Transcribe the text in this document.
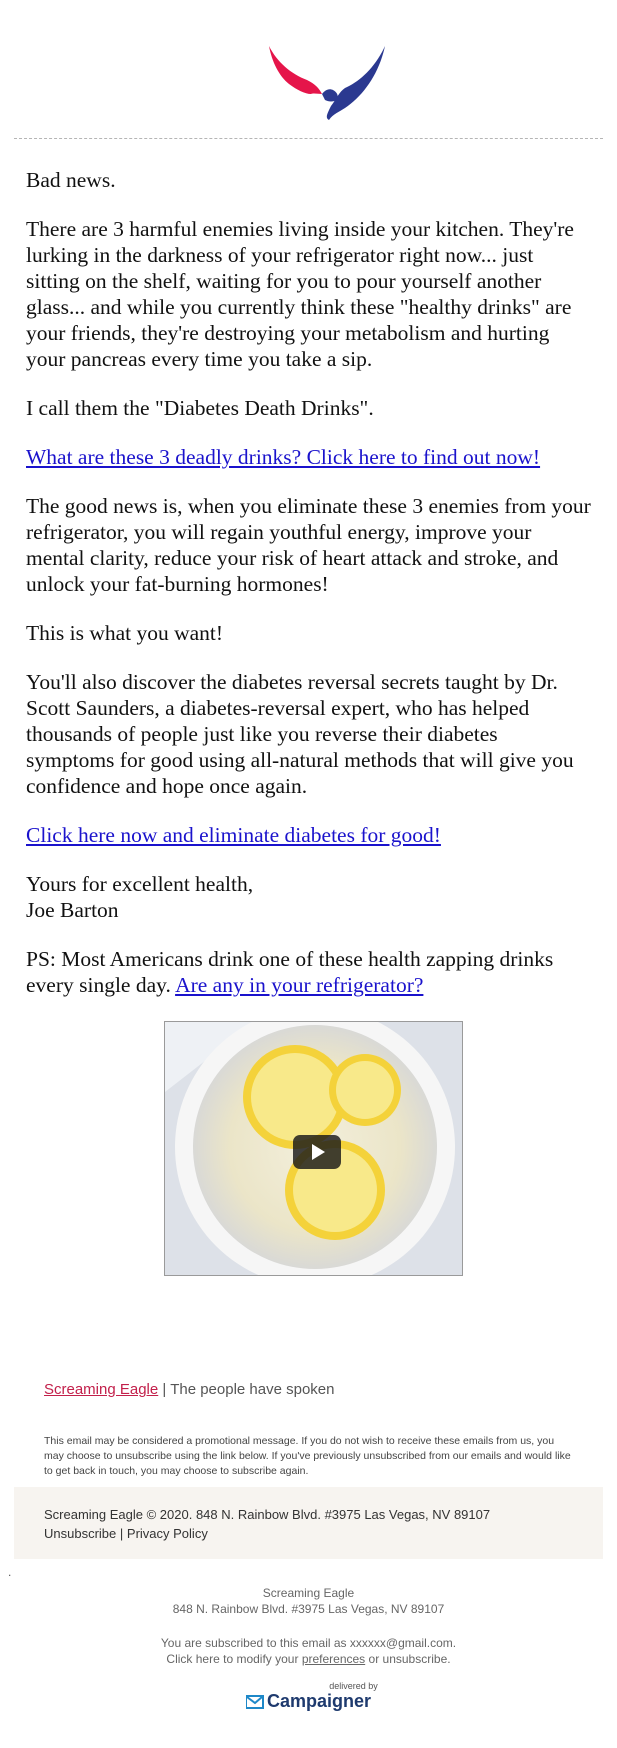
Bad news.

There are 3 harmful enemies living inside your kitchen. They're lurking in the darkness of your refrigerator right now... just sitting on the shelf, waiting for you to pour yourself another glass... and while you currently think these "healthy drinks" are your friends, they're destroying your metabolism and hurting your pancreas every time you take a sip.

I call them the "Diabetes Death Drinks".

What are these 3 deadly drinks? Click here to find out now!

The good news is, when you eliminate these 3 enemies from your refrigerator, you will regain youthful energy, improve your mental clarity, reduce your risk of heart attack and stroke, and unlock your fat-burning hormones!

This is what you want!

You'll also discover the diabetes reversal secrets taught by Dr. Scott Saunders, a diabetes-reversal expert, who has helped thousands of people just like you reverse their diabetes symptoms for good using all-natural methods that will give you confidence and hope once again.

Click here now and eliminate diabetes for good!

Yours for excellent health,
Joe Barton

PS: Most Americans drink one of these health zapping drinks every single day. Are any in your refrigerator?

Screaming Eagle | The people have spoken
This email may be considered a promotional message. If you do not wish to receive these emails from us, you may choose to unsubscribe using the link below. If you've previously unsubscribed from our emails and would like to get back in touch, you may choose to subscribe again.
Screaming Eagle © 2020. 848 N. Rainbow Blvd. #3975 Las Vegas, NV 89107
Unsubscribe | Privacy Policy
.
Screaming Eagle
848 N. Rainbow Blvd. #3975 Las Vegas, NV 89107
You are subscribed to this email as xxxxxx@gmail.com.
Click here to modify your preferences or unsubscribe.
delivered by
Campaigner
